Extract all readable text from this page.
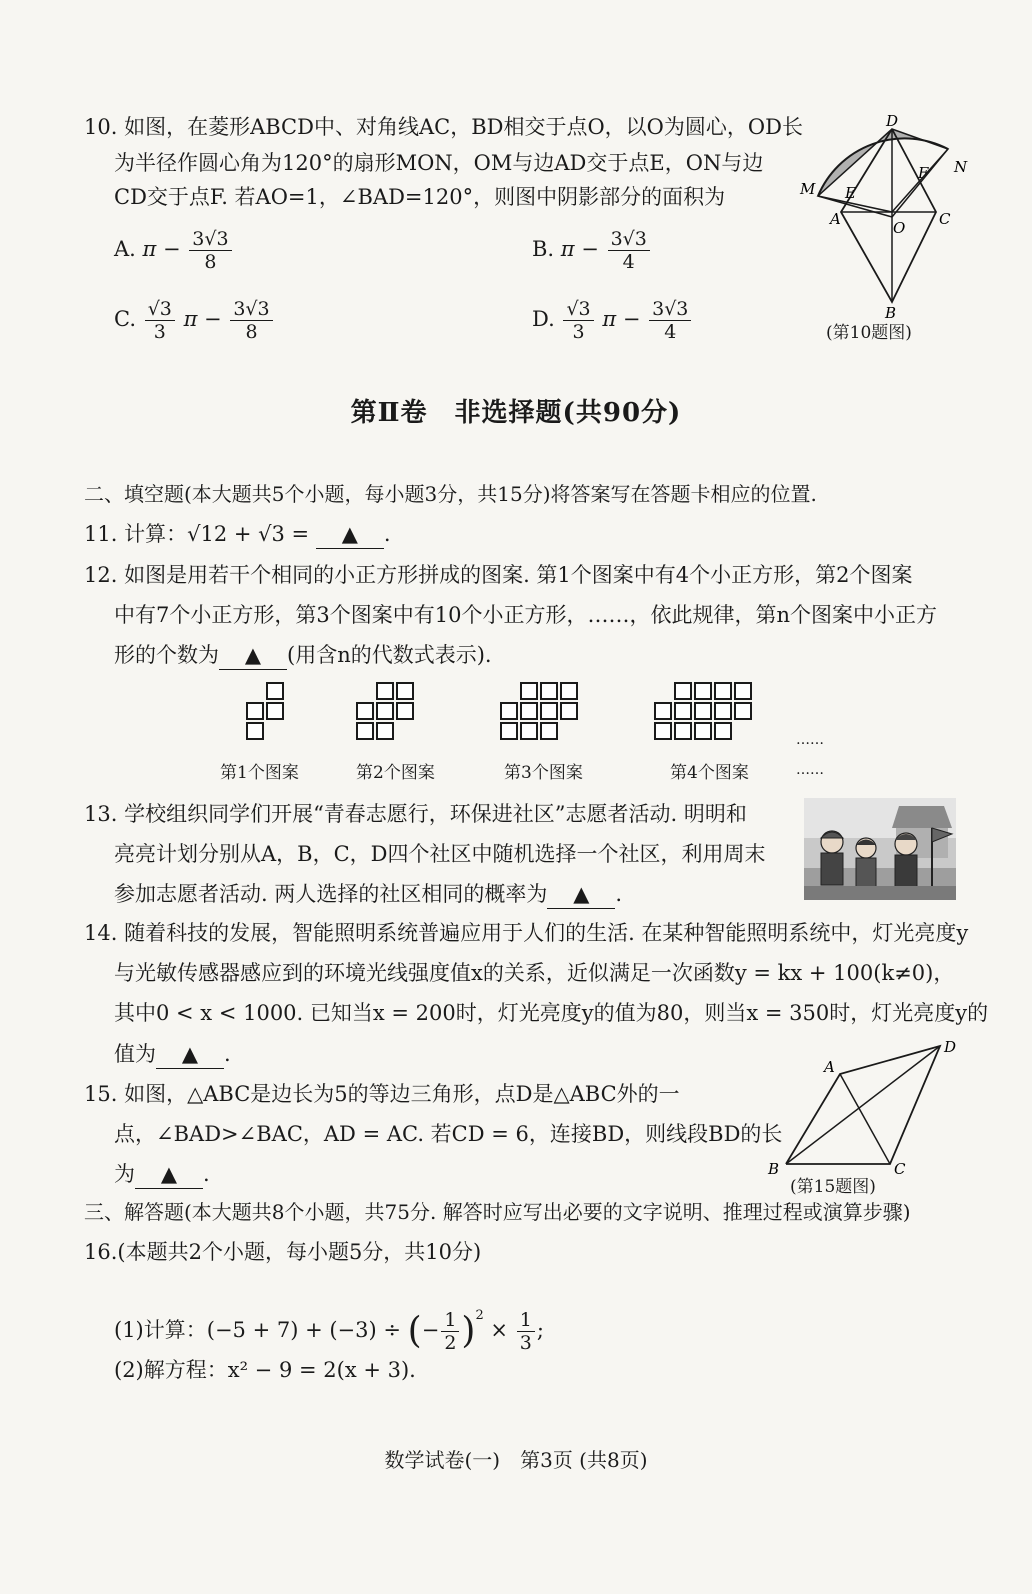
10. 如图，在菱形ABCD中、对角线AC，BD相交于点O，以O为圆心，OD长
为半径作圆心角为120°的扇形MON，OM与边AD交于点E，ON与边
CD交于点F. 若AO=1，∠BAD=120°，则图中阴影部分的面积为
A. $\pi - \frac{3√3}{8}$	B. $\pi - \frac{3√3}{4}$
C. $\frac{√3}{3}$ $\pi - \frac{3√3}{8}$	D. $\frac{√3}{3}$ $\pi - \frac{3√3}{4}$
D
N
M E
F
A	O C
B
(第10题图)
第Ⅱ卷　非选择题(共90分)
二、填空题(本大题共5个小题，每小题3分，共15分)将答案写在答题卡相应的位置.
11. 计算：√12 + √3 = ▲ .
12. 如图是用若干个相同的小正方形拼成的图案. 第1个图案中有4个小正方形，第2个图案
中有7个小正方形，第3个图案中有10个小正方形，……，依此规律，第n个图案中小正方
形的个数为 ▲ (用含n的代数式表示).
第1个图案	第2个图案	第3个图案	第4个图案
……
……
13. 学校组织同学们开展“青春志愿行，环保进社区”志愿者活动. 明明和
亮亮计划分别从A，B，C，D四个社区中随机选择一个社区，利用周末
参加志愿者活动. 两人选择的社区相同的概率为 ▲ .
14. 随着科技的发展，智能照明系统普遍应用于人们的生活. 在某种智能照明系统中，灯光亮度y
与光敏传感器感应到的环境光线强度值x的关系，近似满足一次函数y = kx + 100(k≠0)，
其中0 < x < 1000. 已知当x = 200时，灯光亮度y的值为80，则当x = 350时，灯光亮度y的
值为 ▲ .
15. 如图，△ABC是边长为5的等边三角形，点D是△ABC外的一
点，∠BAD>∠BAC，AD = AC. 若CD = 6，连接BD，则线段BD的长
为 ▲ .
A
D
B	C
(第15题图)
三、解答题(本大题共8个小题，共75分. 解答时应写出必要的文字说明、推理过程或演算步骤)
16.(本题共2个小题，每小题5分，共10分)
(1)计算：(−5 + 7) + (−3) ÷ (− $\frac{1}{2} )^2 \times \frac{1}{3}$ ;
(2)解方程：x² − 9 = 2(x + 3).
数学试卷(一)　第3页 (共8页)
